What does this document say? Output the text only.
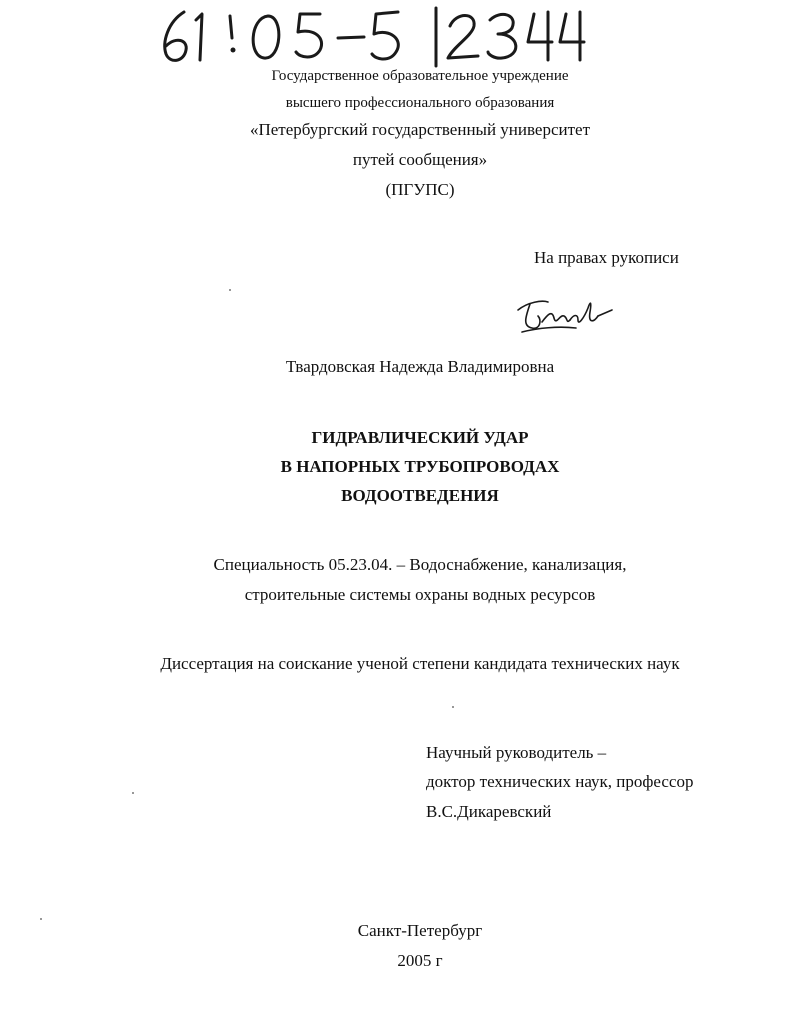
Государственное образовательное учреждение
высшего профессионального образования
«Петербургский государственный университет
путей сообщения»
(ПГУПС)
На правах рукописи
Твардовская Надежда Владимировна
ГИДРАВЛИЧЕСКИЙ УДАР
В НАПОРНЫХ ТРУБОПРОВОДАХ
ВОДООТВЕДЕНИЯ
Специальность 05.23.04. – Водоснабжение, канализация,
строительные системы охраны водных ресурсов
Диссертация на соискание ученой степени кандидата технических наук
Научный руководитель –
доктор технических наук, профессор
В.С.Дикаревский
Санкт-Петербург
2005 г
